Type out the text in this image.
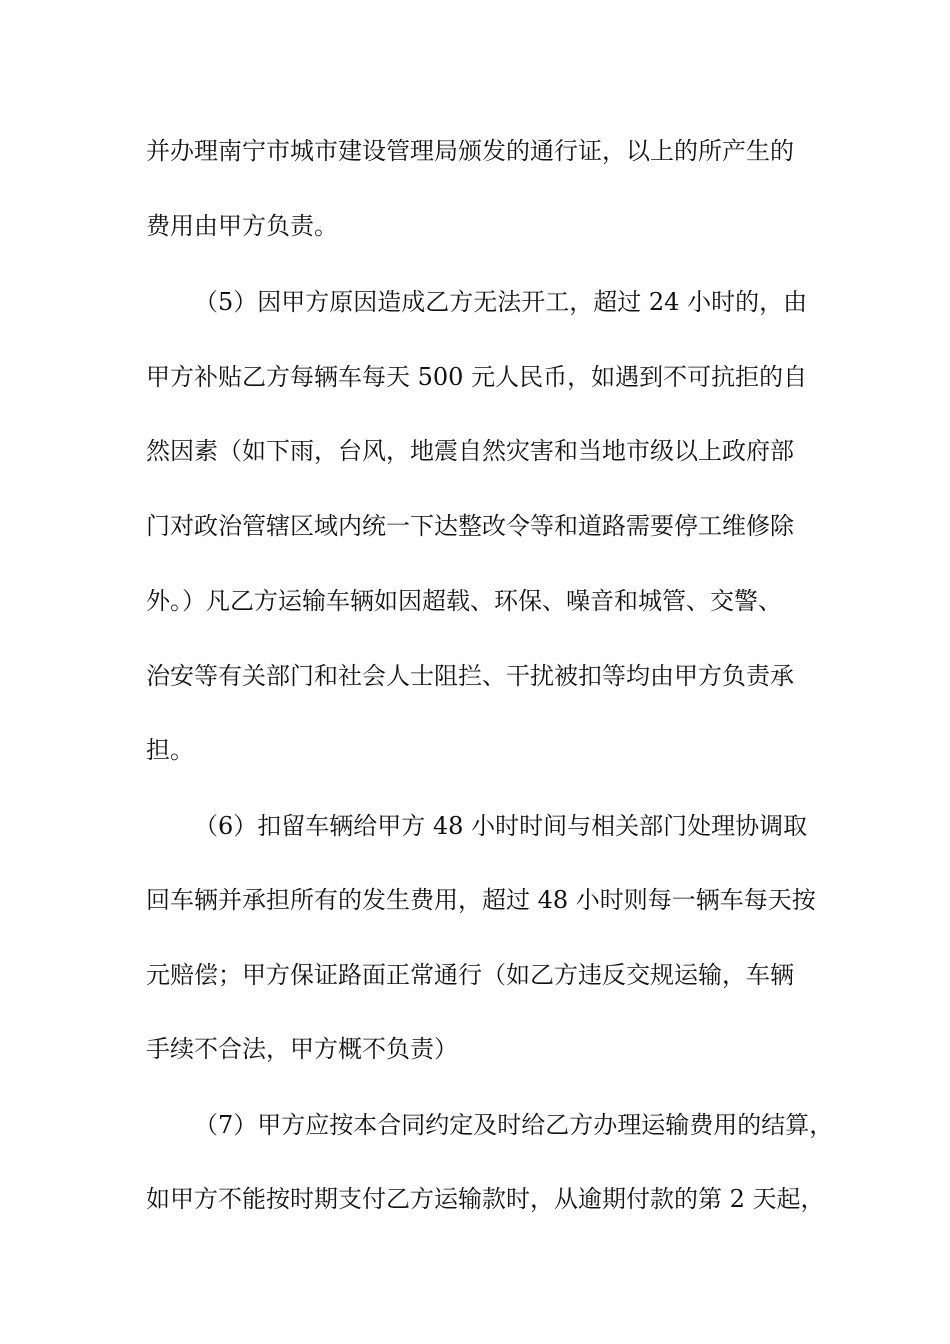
并办理南宁市城市建设管理局颁发的通行证，以上的所产生的
费用由甲方负责。
（5）因甲方原因造成乙方无法开工，超过 24 小时的，由
甲方补贴乙方每辆车每天 500 元人民币，如遇到不可抗拒的自
然因素（如下雨，台风，地震自然灾害和当地市级以上政府部
门对政治管辖区域内统一下达整改令等和道路需要停工维修除
外。）凡乙方运输车辆如因超载、环保、噪音和城管、交警、
治安等有关部门和社会人士阻拦、干扰被扣等均由甲方负责承
担。
（6）扣留车辆给甲方 48 小时时间与相关部门处理协调取
回车辆并承担所有的发生费用，超过 48 小时则每一辆车每天按
元赔偿；甲方保证路面正常通行（如乙方违反交规运输，车辆
手续不合法，甲方概不负责）
（7）甲方应按本合同约定及时给乙方办理运输费用的结算，
如甲方不能按时期支付乙方运输款时，从逾期付款的第 2 天起，
